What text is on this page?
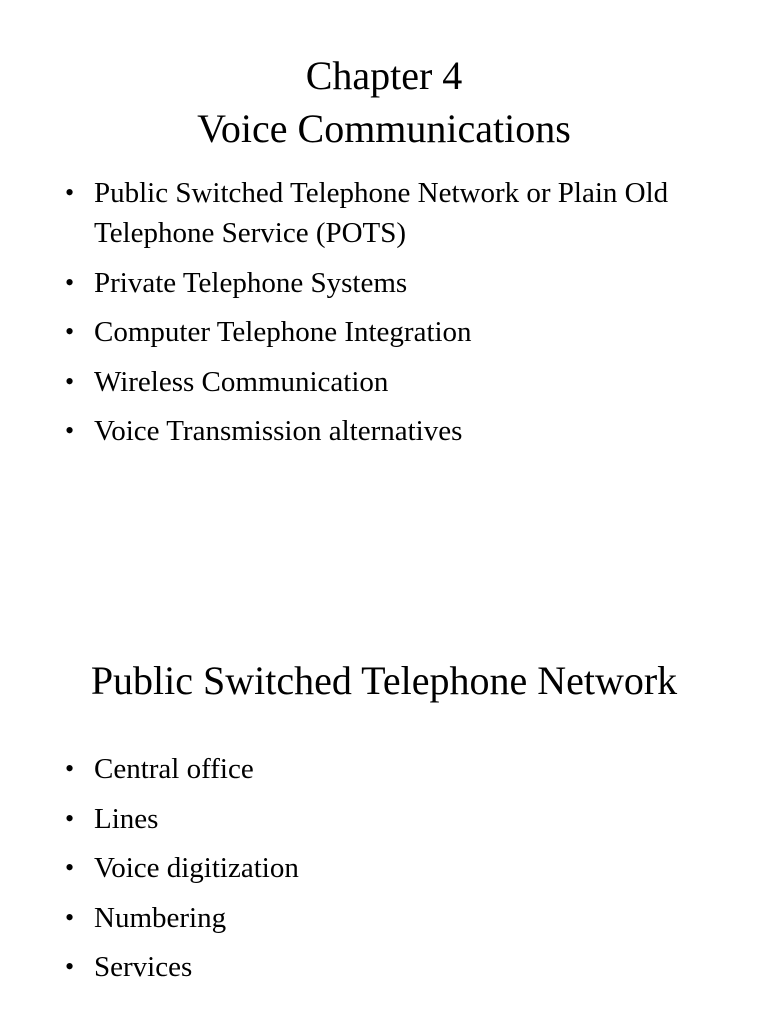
Chapter 4
Voice Communications
• Public Switched Telephone Network or Plain Old Telephone Service (POTS)
• Private Telephone Systems
• Computer Telephone Integration
• Wireless Communication
• Voice Transmission alternatives
Public Switched Telephone Network
• Central office
• Lines
• Voice digitization
• Numbering
• Services
